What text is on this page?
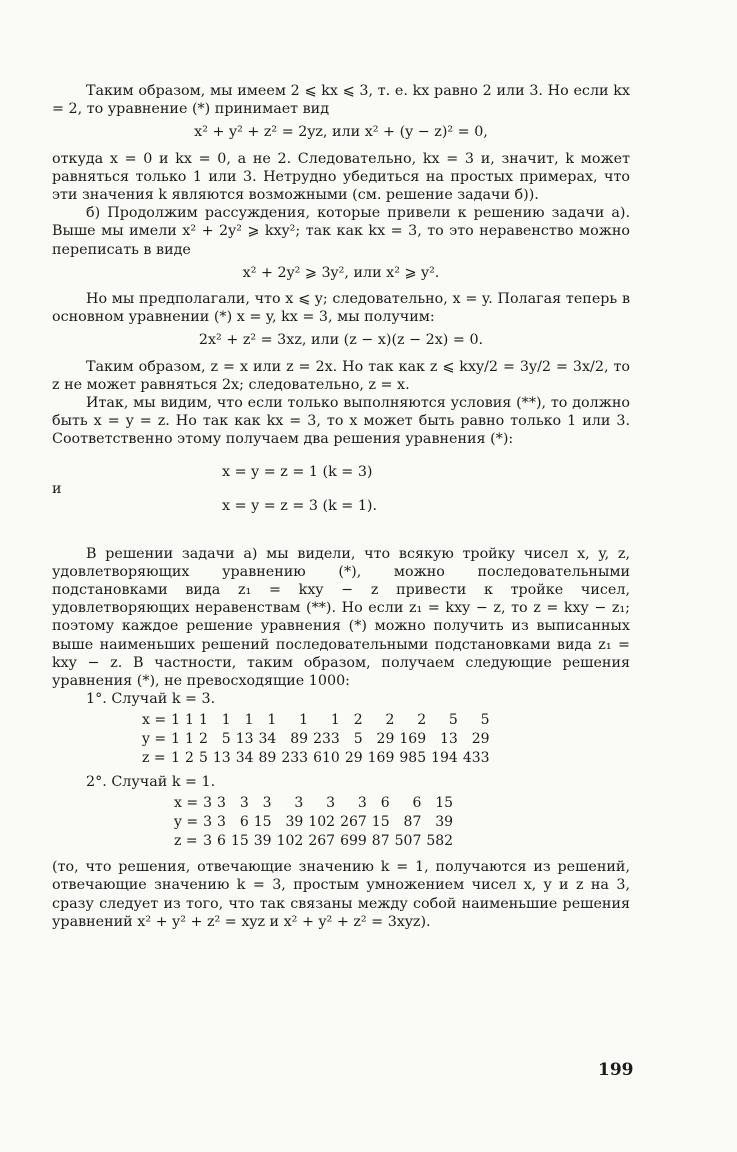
Таким образом, мы имеем 2 ⩽ kx ⩽ 3, т. е. kx равно 2 или 3. Но если kx = 2, то уравнение (*) принимает вид

x² + y² + z² = 2yz, или x² + (y − z)² = 0,

откуда x = 0 и kx = 0, а не 2. Следовательно, kx = 3 и, значит, k может равняться только 1 или 3. Нетрудно убедиться на простых примерах, что эти значения k являются возможными (см. решение задачи б)).

б) Продолжим рассуждения, которые привели к решению задачи а). Выше мы имели x² + 2y² ⩾ kxy²; так как kx = 3, то это неравенство можно переписать в виде

x² + 2y² ⩾ 3y², или x² ⩾ y².

Но мы предполагали, что x ⩽ y; следовательно, x = y. Полагая теперь в основном уравнении (*) x = y, kx = 3, мы получим:

2x² + z² = 3xz, или (z − x)(z − 2x) = 0.

Таким образом, z = x или z = 2x. Но так как z ⩽ kxy/2 = 3y/2 = 3x/2, то z не может равняться 2x; следовательно, z = x.

Итак, мы видим, что если только выполняются условия (**), то должно быть x = y = z. Но так как kx = 3, то x может быть равно только 1 или 3. Соответственно этому получаем два решения уравнения (*):

и
x = y = z = 1 (k = 3)
x = y = z = 3 (k = 1).

В решении задачи а) мы видели, что всякую тройку чисел x, y, z, удовлетворяющих уравнению (*), можно последовательными подстановками вида z₁ = kxy − z привести к тройке чисел, удовлетворяющих неравенствам (**). Но если z₁ = kxy − z, то z = kxy − z₁; поэтому каждое решение уравнения (*) можно получить из выписанных выше наименьших решений последовательными подстановками вида z₁ = kxy − z. В частности, таким образом, получаем следующие решения уравнения (*), не превосходящие 1000:

1°. Случай k = 3.

x =	1	1	1	1	1	1	1	1	2	2	2	5	5
y =	1	1	2	5	13	34	89	233	5	29	169	13	29
z =	1	2	5	13	34	89	233	610	29	169	985	194	433

2°. Случай k = 1.

x =	3	3	3	3	3	3	3	6	6	15
y =	3	3	6	15	39	102	267	15	87	39
z =	3	6	15	39	102	267	699	87	507	582

(то, что решения, отвечающие значению k = 1, получаются из решений, отвечающие значению k = 3, простым умножением чисел x, y и z на 3, сразу следует из того, что так связаны между собой наименьшие решения уравнений x² + y² + z² = xyz и x² + y² + z² = 3xyz).

199
